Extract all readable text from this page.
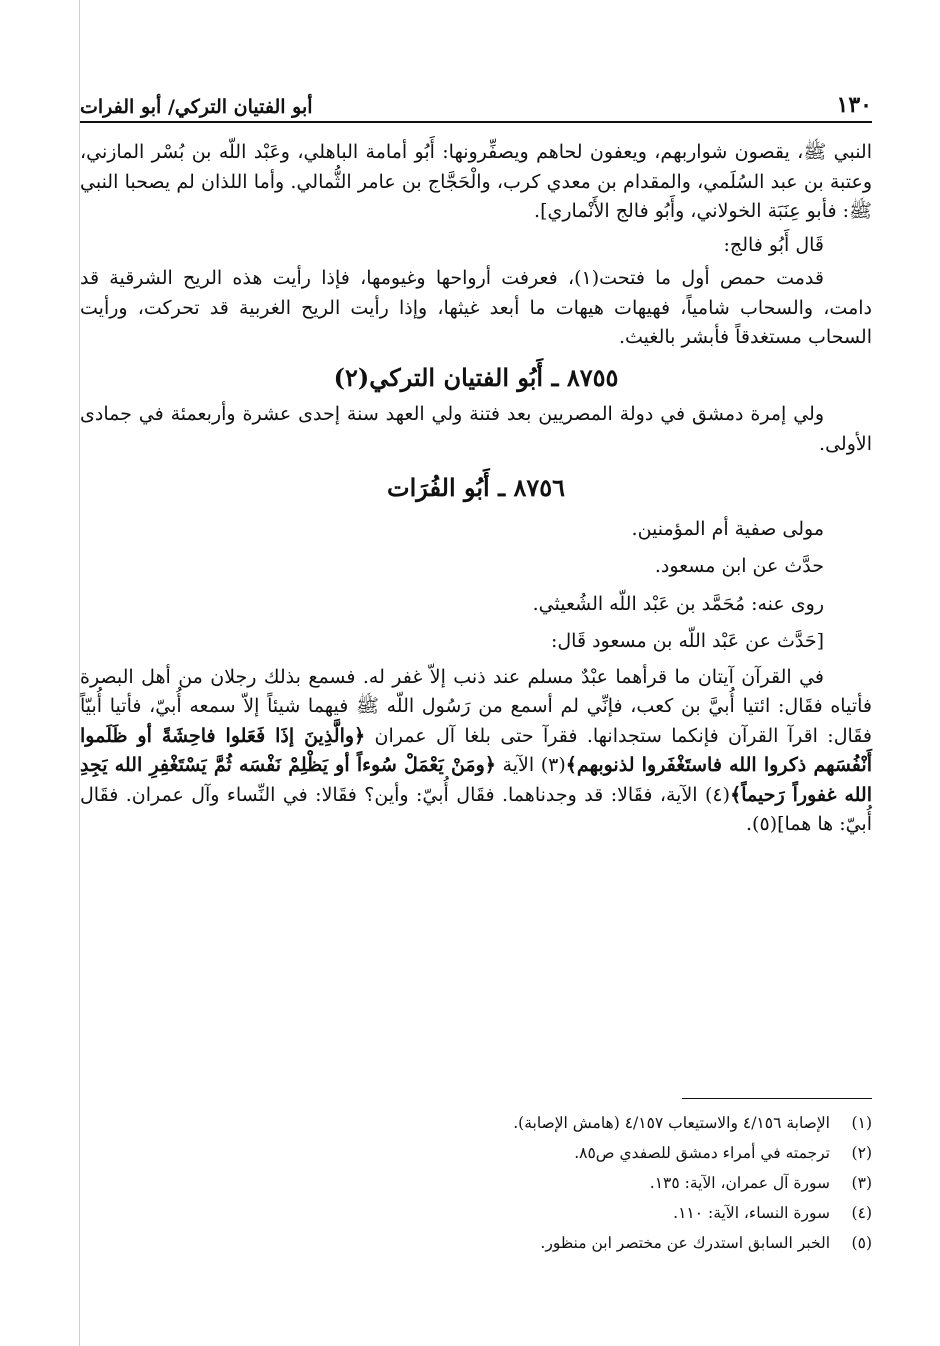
١٣٠
أبو الفتيان التركي/ أبو الفرات

النبي ﷺ، يقصون شواربهم، ويعفون لحاهم ويصفِّرونها: أَبُو أمامة الباهلي، وعَبْد اللّه بن بُسْر المازني، وعتبة بن عبد السُلَمي، والمقدام بن معدي كرب، والْحَجَّاج بن عامر الثُّمالي. وأما اللذان لم يصحبا النبي ﷺ: فأبو عِنَبَة الخولاني، وأَبُو فالج الأَنْماري].

قَال أَبُو فالج:

قدمت حمص أول ما فتحت(١)، فعرفت أرواحها وغيومها، فإذا رأيت هذه الريح الشرقية قد دامت، والسحاب شامياً، فهيهات هيهات ما أبعد غيثها، وإذا رأيت الريح الغربية قد تحركت، ورأيت السحاب مستغدقاً فأبشر بالغيث.

٨٧٥٥ ـ أَبُو الفتيان التركي(٢)

ولي إمرة دمشق في دولة المصريين بعد فتنة ولي العهد سنة إحدى عشرة وأربعمئة في جمادى الأولى.

٨٧٥٦ ـ أَبُو الفُرَات

مولى صفية أم المؤمنين.

حدَّث عن ابن مسعود.

روى عنه: مُحَمَّد بن عَبْد اللّه الشُعيثي.

[حَدَّث عن عَبْد اللّه بن مسعود قَال:

في القرآن آيتان ما قرأهما عبْدٌ مسلم عند ذنب إلاّ غفر له. فسمع بذلك رجلان من أهل البصرة فأتياه فقَال: ائتيا أُبيَّ بن كعب، فإنِّي لم أسمع من رَسُول اللّه ﷺ فيهما شيئاً إلاّ سمعه أُبيّ، فأتيا أُبيّاً فقَال: اقرآ القرآن فإنكما ستجدانها. فقرآ حتى بلغا آل عمران ﴿والَّذِينَ إذَا فَعَلوا فاحِشَةً أو ظَلَموا أَنْفُسَهم ذكروا الله فاستَغْفَروا لذنوبهم﴾(٣) الآية ﴿ومَنْ يَعْمَلْ سُوءاً أو يَظْلِمْ نَفْسَه ثُمَّ يَسْتَغْفِرِ الله يَجِدِ الله غفوراً رَحيماً﴾(٤) الآية، فقَالا: قد وجدناهما. فقَال أُبيّ: وأين؟ فقَالا: في النِّساء وآل عمران. فقَال أُبيّ: ها هما](٥).

(١)
الإصابة ٤/١٥٦ والاستيعاب ٤/١٥٧ (هامش الإصابة).
(٢)
ترجمته في أمراء دمشق للصفدي ص٨٥.
(٣)
سورة آل عمران، الآية: ١٣٥.
(٤)
سورة النساء، الآية: ١١٠.
(٥)
الخبر السابق استدرك عن مختصر ابن منظور.
